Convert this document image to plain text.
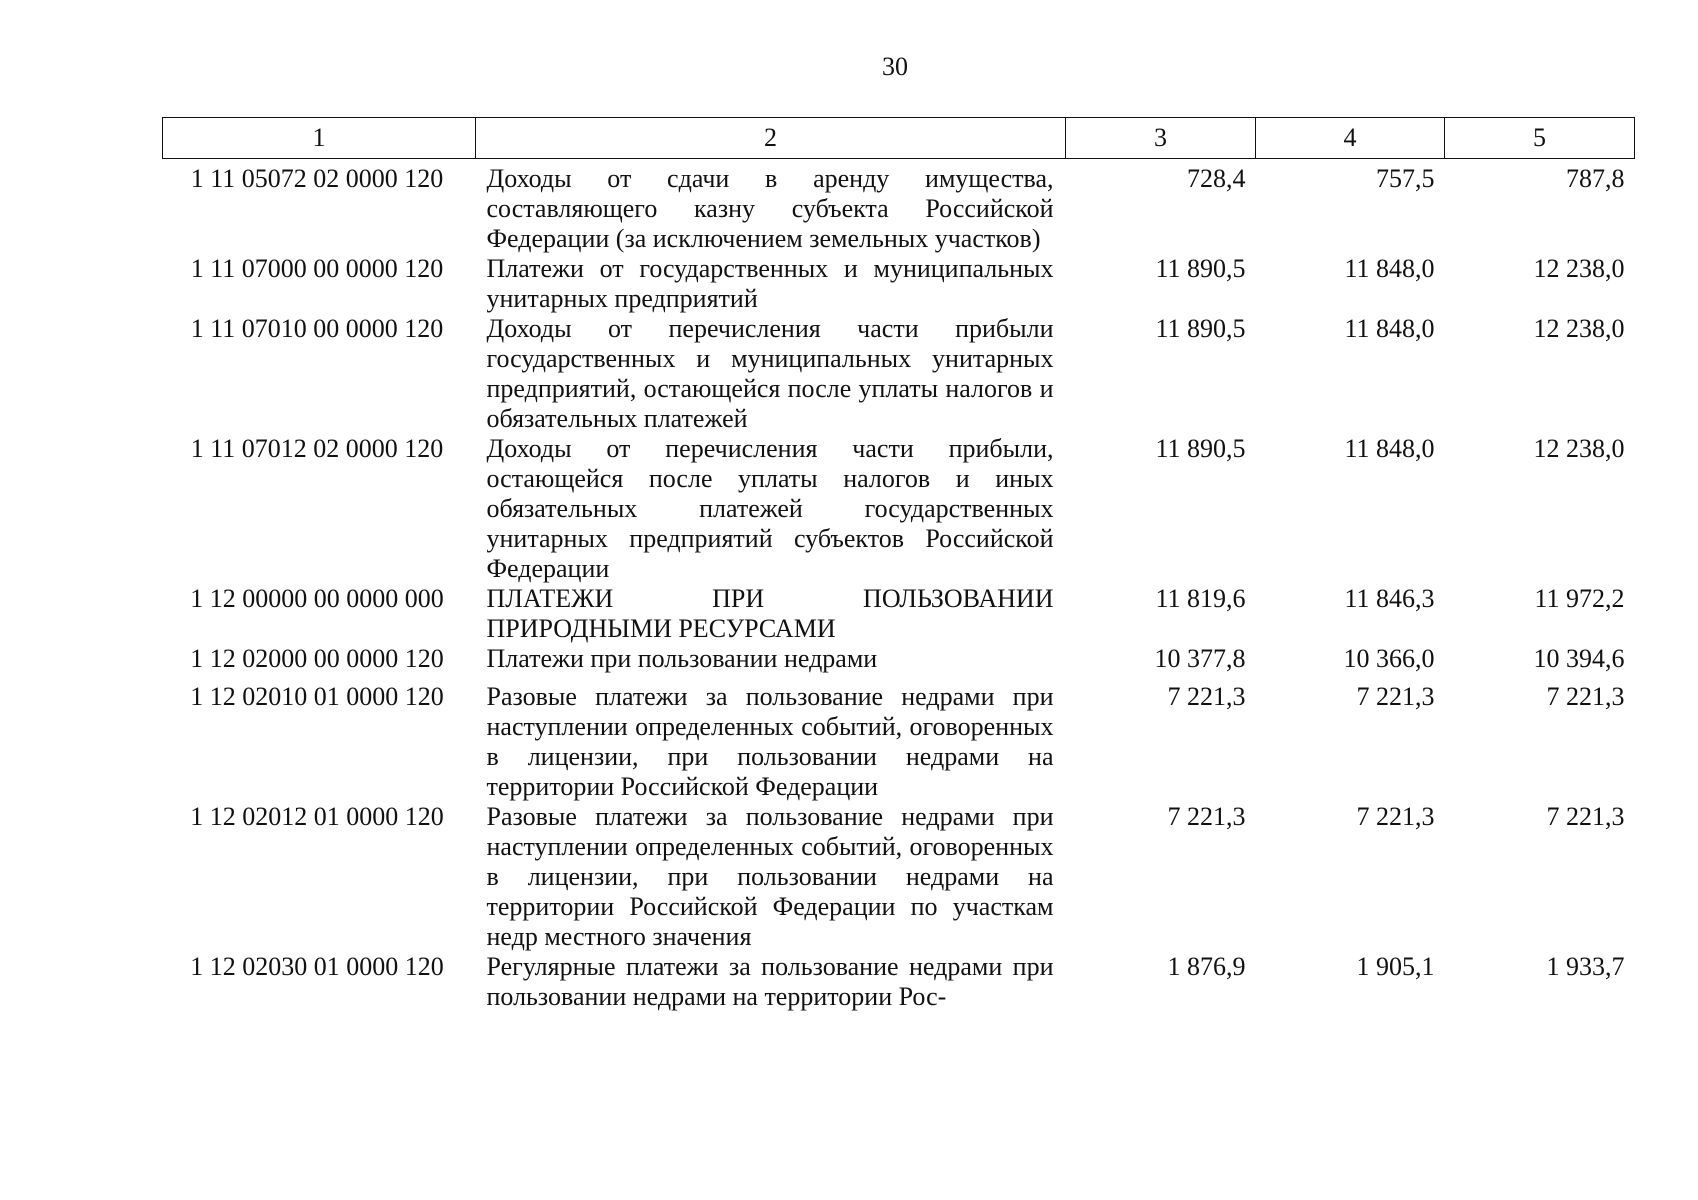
30
1	2	3	4	5
1 11 05072 02 0000 120	Доходы от сдачи в аренду имущества, составляющего казну субъекта Российской Федерации (за исключением земельных участков)	728,4	757,5	787,8
1 11 07000 00 0000 120	Платежи от государственных и муниципальных унитарных предприятий	11 890,5	11 848,0	12 238,0
1 11 07010 00 0000 120	Доходы от перечисления части прибыли государственных и муниципальных унитарных предприятий, остающейся после уплаты налогов и обязательных платежей	11 890,5	11 848,0	12 238,0
1 11 07012 02 0000 120	Доходы от перечисления части прибыли, остающейся после уплаты налогов и иных обязательных платежей государственных унитарных предприятий субъектов Российской Федерации	11 890,5	11 848,0	12 238,0
1 12 00000 00 0000 000	ПЛАТЕЖИ ПРИ ПОЛЬЗОВАНИИ ПРИРОДНЫМИ РЕСУРСАМИ	11 819,6	11 846,3	11 972,2
1 12 02000 00 0000 120	Платежи при пользовании недрами	10 377,8	10 366,0	10 394,6
1 12 02010 01 0000 120	Разовые платежи за пользование недрами при наступлении определенных событий, оговоренных в лицензии, при пользовании недрами на территории Российской Федерации	7 221,3	7 221,3	7 221,3
1 12 02012 01 0000 120	Разовые платежи за пользование недрами при наступлении определенных событий, оговоренных в лицензии, при пользовании недрами на территории Российской Федерации по участкам недр местного значения	7 221,3	7 221,3	7 221,3
1 12 02030 01 0000 120	Регулярные платежи за пользование недрами при пользовании недрами на территории Рос-	1 876,9	1 905,1	1 933,7
